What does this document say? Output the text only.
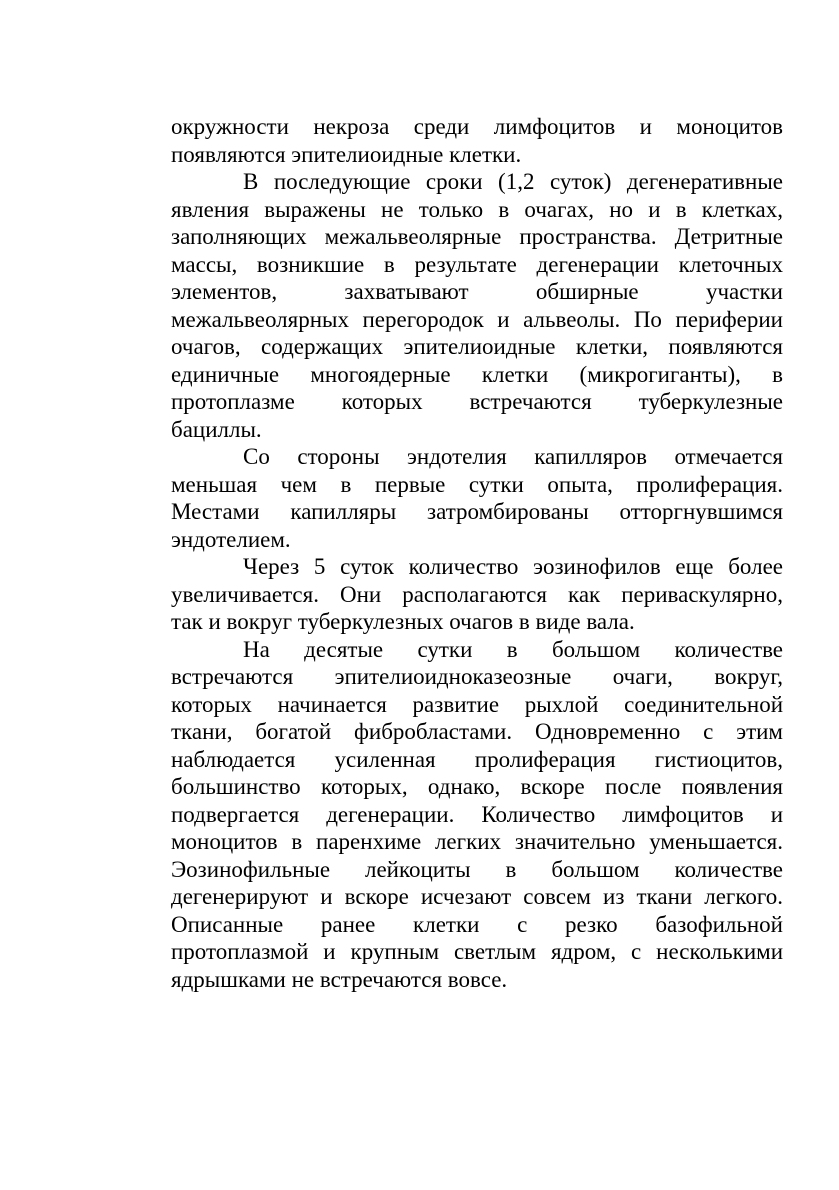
окружности некроза среди лимфоцитов и моноцитов
появляются эпителиоидные клетки.
В последующие сроки (1,2 суток) дегенеративные
явления выражены не только в очагах, но и в клетках,
заполняющих межальвеолярные пространства. Детритные
массы, возникшие в результате дегенерации клеточных
элементов, захватывают обширные участки
межальвеолярных перегородок и альвеолы. По периферии
очагов, содержащих эпителиоидные клетки, появляются
единичные многоядерные клетки (микрогиганты), в
протоплазме которых встречаются туберкулезные
бациллы.
Со стороны эндотелия капилляров отмечается
меньшая чем в первые сутки опыта, пролиферация.
Местами капилляры затромбированы отторгнувшимся
эндотелием.
Через 5 суток количество эозинофилов еще более
увеличивается. Они располагаются как периваскулярно,
так и вокруг туберкулезных очагов в виде вала.
На десятые сутки в большом количестве
встречаются эпителиоидноказеозные очаги, вокруг,
которых начинается развитие рыхлой соединительной
ткани, богатой фибробластами. Одновременно с этим
наблюдается усиленная пролиферация гистиоцитов,
большинство которых, однако, вскоре после появления
подвергается дегенерации. Количество лимфоцитов и
моноцитов в паренхиме легких значительно уменьшается.
Эозинофильные лейкоциты в большом количестве
дегенерируют и вскоре исчезают совсем из ткани легкого.
Описанные ранее клетки с резко базофильной
протоплазмой и крупным светлым ядром, с несколькими
ядрышками не встречаются вовсе.
